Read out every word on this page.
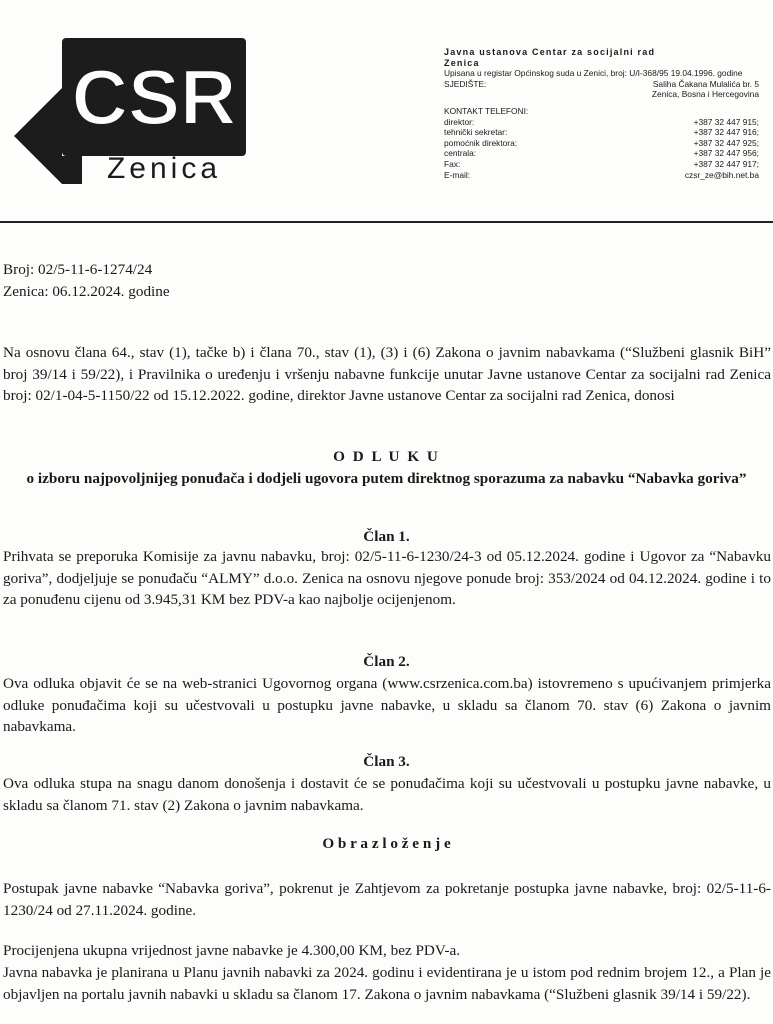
CSR
Zenica
Javna ustanova Centar za socijalni rad
Zenica
Upisana u registar Općinskog suda u Zenici, broj: U/I-368/95 19.04.1996. godine
SJEDIŠTE:	Saliha Čakana Mulalića br. 5
Zenica, Bosna i Hercegovina
KONTAKT TELEFONI:
direktor:	+387 32 447 915;
tehnički sekretar:	+387 32 447 916;
pomoćnik direktora:	+387 32 447 925;
centrala:	+387 32 447 956;
Fax:	+387 32 447 917;
E-mail:	czsr_ze@bih.net.ba

Broj: 02/5-11-6-1274/24

Zenica: 06.12.2024. godine

Na osnovu člana 64., stav (1), tačke b) i člana 70., stav (1), (3) i (6) Zakona o javnim nabavkama (“Službeni glasnik BiH” broj 39/14 i 59/22), i Pravilnika o uređenju i vršenju nabavne funkcije unutar Javne ustanove Centar za socijalni rad Zenica broj: 02/1-04-5-1150/22 od 15.12.2022. godine, direktor Javne ustanove Centar za socijalni rad Zenica, donosi

O D L U K U

o izboru najpovoljnijeg ponuđača i dodjeli ugovora putem direktnog sporazuma za nabavku “Nabavka goriva”

Član 1.

Prihvata se preporuka Komisije za javnu nabavku, broj: 02/5-11-6-1230/24-3 od 05.12.2024. godine i Ugovor za “Nabavku goriva”, dodjeljuje se ponuđaču “ALMY” d.o.o. Zenica na osnovu njegove ponude broj: 353/2024 od 04.12.2024. godine i to za ponuđenu cijenu od 3.945,31 KM bez PDV-a kao najbolje ocijenjenom.

Član 2.

Ova odluka objavit će se na web-stranici Ugovornog organa (www.csrzenica.com.ba) istovremeno s upućivanjem primjerka odluke ponuđačima koji su učestvovali u postupku javne nabavke, u skladu sa članom 70. stav (6) Zakona o javnim nabavkama.

Član 3.

Ova odluka stupa na snagu danom donošenja i dostavit će se ponuđačima koji su učestvovali u postupku javne nabavke, u skladu sa članom 71. stav (2) Zakona o javnim nabavkama.

O b r a z l o ž e n j e

Postupak javne nabavke “Nabavka goriva”, pokrenut je Zahtjevom za pokretanje postupka javne nabavke, broj: 02/5-11-6-1230/24 od 27.11.2024. godine.

Procijenjena ukupna vrijednost javne nabavke je 4.300,00 KM, bez PDV-a.

Javna nabavka je planirana u Planu javnih nabavki za 2024. godinu i evidentirana je u istom pod rednim brojem 12., a Plan je objavljen na portalu javnih nabavki u skladu sa članom 17. Zakona o javnim nabavkama (“Službeni glasnik 39/14 i 59/22).
